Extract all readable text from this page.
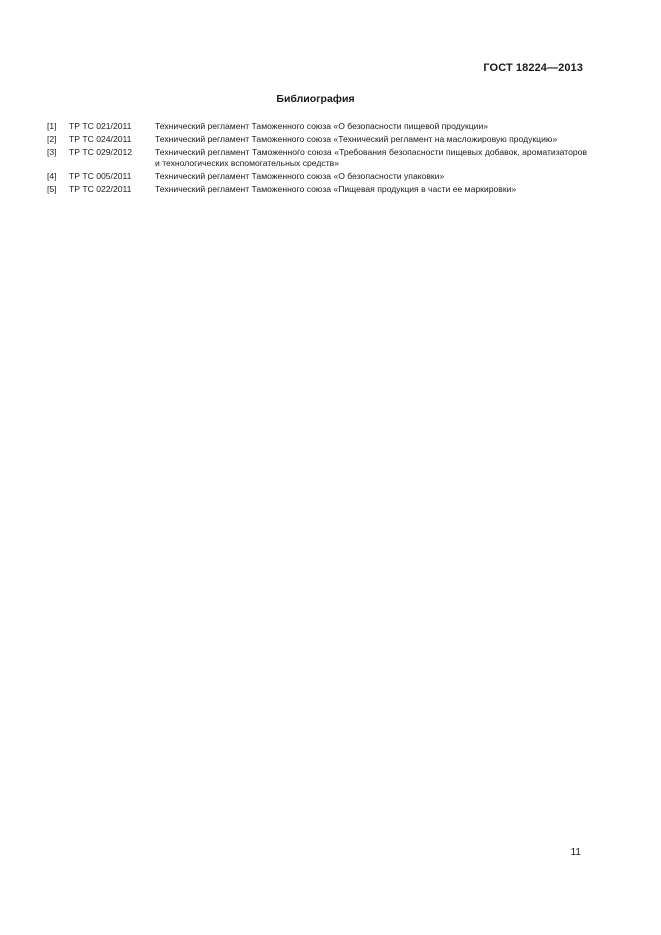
ГОСТ 18224—2013
Библиография
[1]	ТР ТС 021/2011	Технический регламент Таможенного союза «О безопасности пищевой продукции»
[2]	ТР ТС 024/2011	Технический регламент Таможенного союза «Технический регламент на масложировую продукцию»
[3]	ТР ТС 029/2012	Технический регламент Таможенного союза «Требования безопасности пищевых добавок, ароматизаторов и технологических вспомогательных средств»
[4]	ТР ТС 005/2011	Технический регламент Таможенного союза «О безопасности упаковки»
[5]	ТР ТС 022/2011	Технический регламент Таможенного союза «Пищевая продукция в части ее маркировки»
11
